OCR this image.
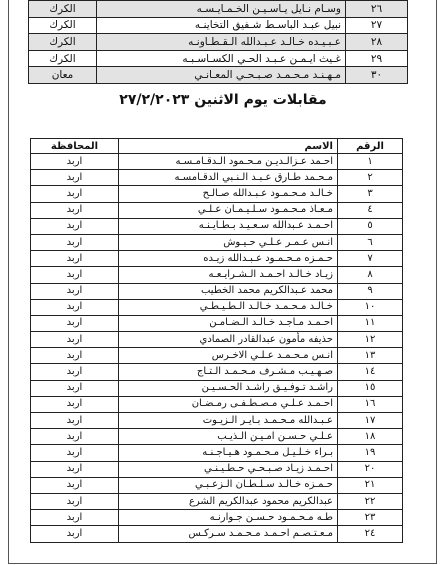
٢٦	وسـام نـايل يـاسـيـن الخـمـايـسـه	الكرك
٢٧	نبيل عبـد الباسـط شـفيق التخاينـه	الكرك
٢٨	عـبـيـده خـالـد عـبـدالله الـقـطـاونـه	الكرك
٢٩	غـيث ايـمـن عـبـد الحـي الكسـاسـبـه	الكرك
٣٠	مـهـنـد مـحـمـد صـبـحـي المعـانـي	معان
مقابلات يوم الاثنين ٢٧/٢/٢٠٢٣
الرقم	الاسم	المحافظة
١	احـمد عـزالـديـن مـحـمود الـدقـامـسـه	اربد
٢	مـحـمد طـارق عـبـد الـنـبي الدقـامسـه	اربد
٣	خـالـد مـحـمـود عـبـدالله صـالـح	اربد
٤	مـعـاذ مـحـمـود سـلـيـمـان عـلـي	اربد
٥	احـمـد عـبدالله سـعـيـد بـطـايـنـه	اربد
٦	انـس عـمـر عـلـي حـيـوش	اربد
٧	حـمـزه مـحـمـود عـبـدالله زيـده	اربد
٨	زيـاد خـالـد احـمـد الـشـرايـعـه	اربد
٩	محمد عـبدالكريم محمد الخطيب	اربد
١٠	خـالـد مـحـمـد خـالـد الـطـيـطـي	اربد
١١	احـمـد مـاجـد خـالـد الـضـامـن	اربد
١٢	حذيفه مأمون عبدالقادر الصمادي	اربد
١٣	انـس مـحـمـد عـلـي الاخـرس	اربد
١٤	صـهـيـب مـشـرف مـحـمـد الـتـاج	اربد
١٥	راشـد تـوفـيـق راشـد الحـسـيـن	اربد
١٦	احـمـد عـلـي مـصـطـفـى رمـضـان	اربد
١٧	عـبـدالله مـحـمـد بـايـر الـزيـوت	اربد
١٨	عـلـي حـسـن امـيـن الـذيـب	اربد
١٩	بـراء خـلـيـل مـحـمـود هـيـاجـنـه	اربد
٢٠	احـمـد زيـاد صـبـحـي حـطـيـنـي	اربد
٢١	حـمـزه خـالـد سـلـطـان الـزعـبـي	اربد
٢٢	عبدالكريم محمود عبدالكريم الشرع	اربد
٢٣	طـه مـحـمـود حـسـن جـوارنـه	اربد
٢٤	مـعـتـصـم احـمـد مـحـمـد سـركـس	اربد
